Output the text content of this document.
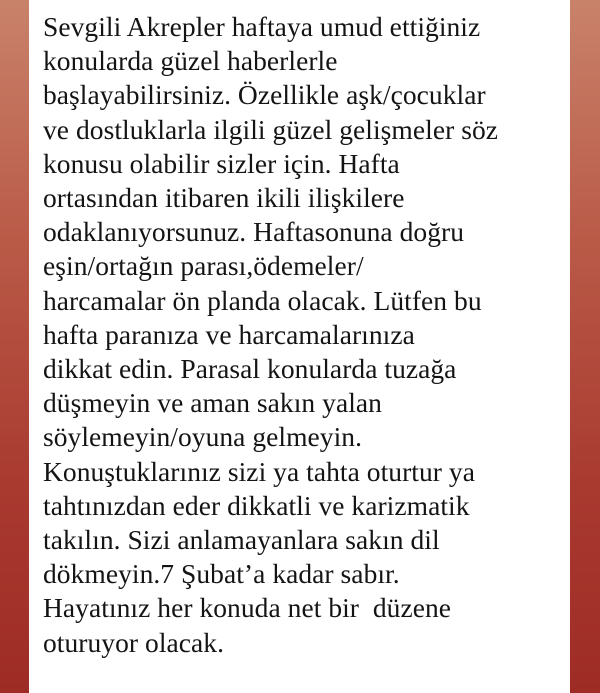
Sevgili Akrepler haftaya umud ettiğiniz
konularda güzel haberlerle
başlayabilirsiniz. Özellikle aşk/çocuklar
ve dostluklarla ilgili güzel gelişmeler söz
konusu olabilir sizler için. Hafta
ortasından itibaren ikili ilişkilere
odaklanıyorsunuz. Haftasonuna doğru
eşin/ortağın parası,ödemeler/
harcamalar ön planda olacak. Lütfen bu
hafta paranıza ve harcamalarınıza
dikkat edin. Parasal konularda tuzağa
düşmeyin ve aman sakın yalan
söylemeyin/oyuna gelmeyin.
Konuştuklarınız sizi ya tahta oturtur ya
tahtınızdan eder dikkatli ve karizmatik
takılın. Sizi anlamayanlara sakın dil
dökmeyin.7 Şubat’a kadar sabır.
Hayatınız her konuda net bir  düzene
oturuyor olacak.
